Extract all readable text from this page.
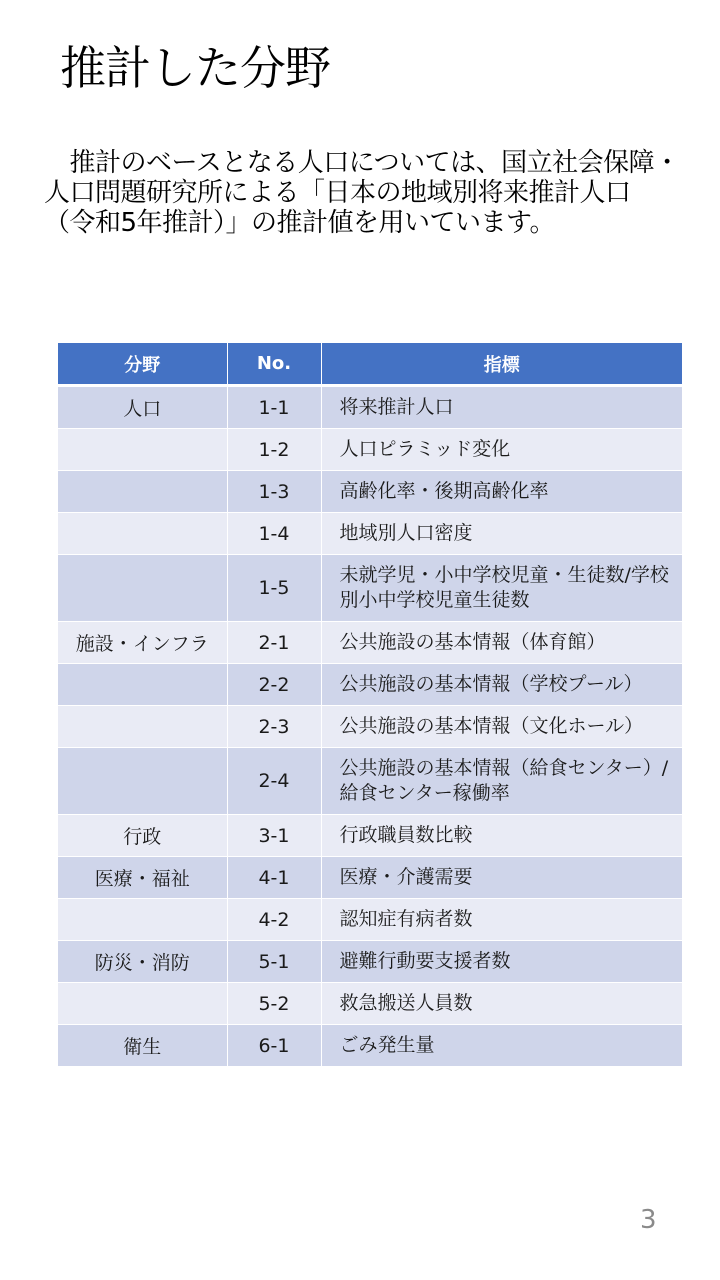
推計した分野

　推計のベースとなる人口については、国立社会保障・
人口問題研究所による「日本の地域別将来推計人口
（令和5年推計）」の推計値を用いています。

分野	No.	指標
人口	1-1	将来推計人口
	1-2	人口ピラミッド変化
	1-3	高齢化率・後期高齢化率
	1-4	地域別人口密度
	1-5	未就学児・小中学校児童・生徒数/学校別小中学校児童生徒数
施設・インフラ	2-1	公共施設の基本情報（体育館）
	2-2	公共施設の基本情報（学校プール）
	2-3	公共施設の基本情報（文化ホール）
	2-4	公共施設の基本情報（給食センター）/給食センター稼働率
行政	3-1	行政職員数比較
医療・福祉	4-1	医療・介護需要
	4-2	認知症有病者数
防災・消防	5-1	避難行動要支援者数
	5-2	救急搬送人員数
衛生	6-1	ごみ発生量
3
